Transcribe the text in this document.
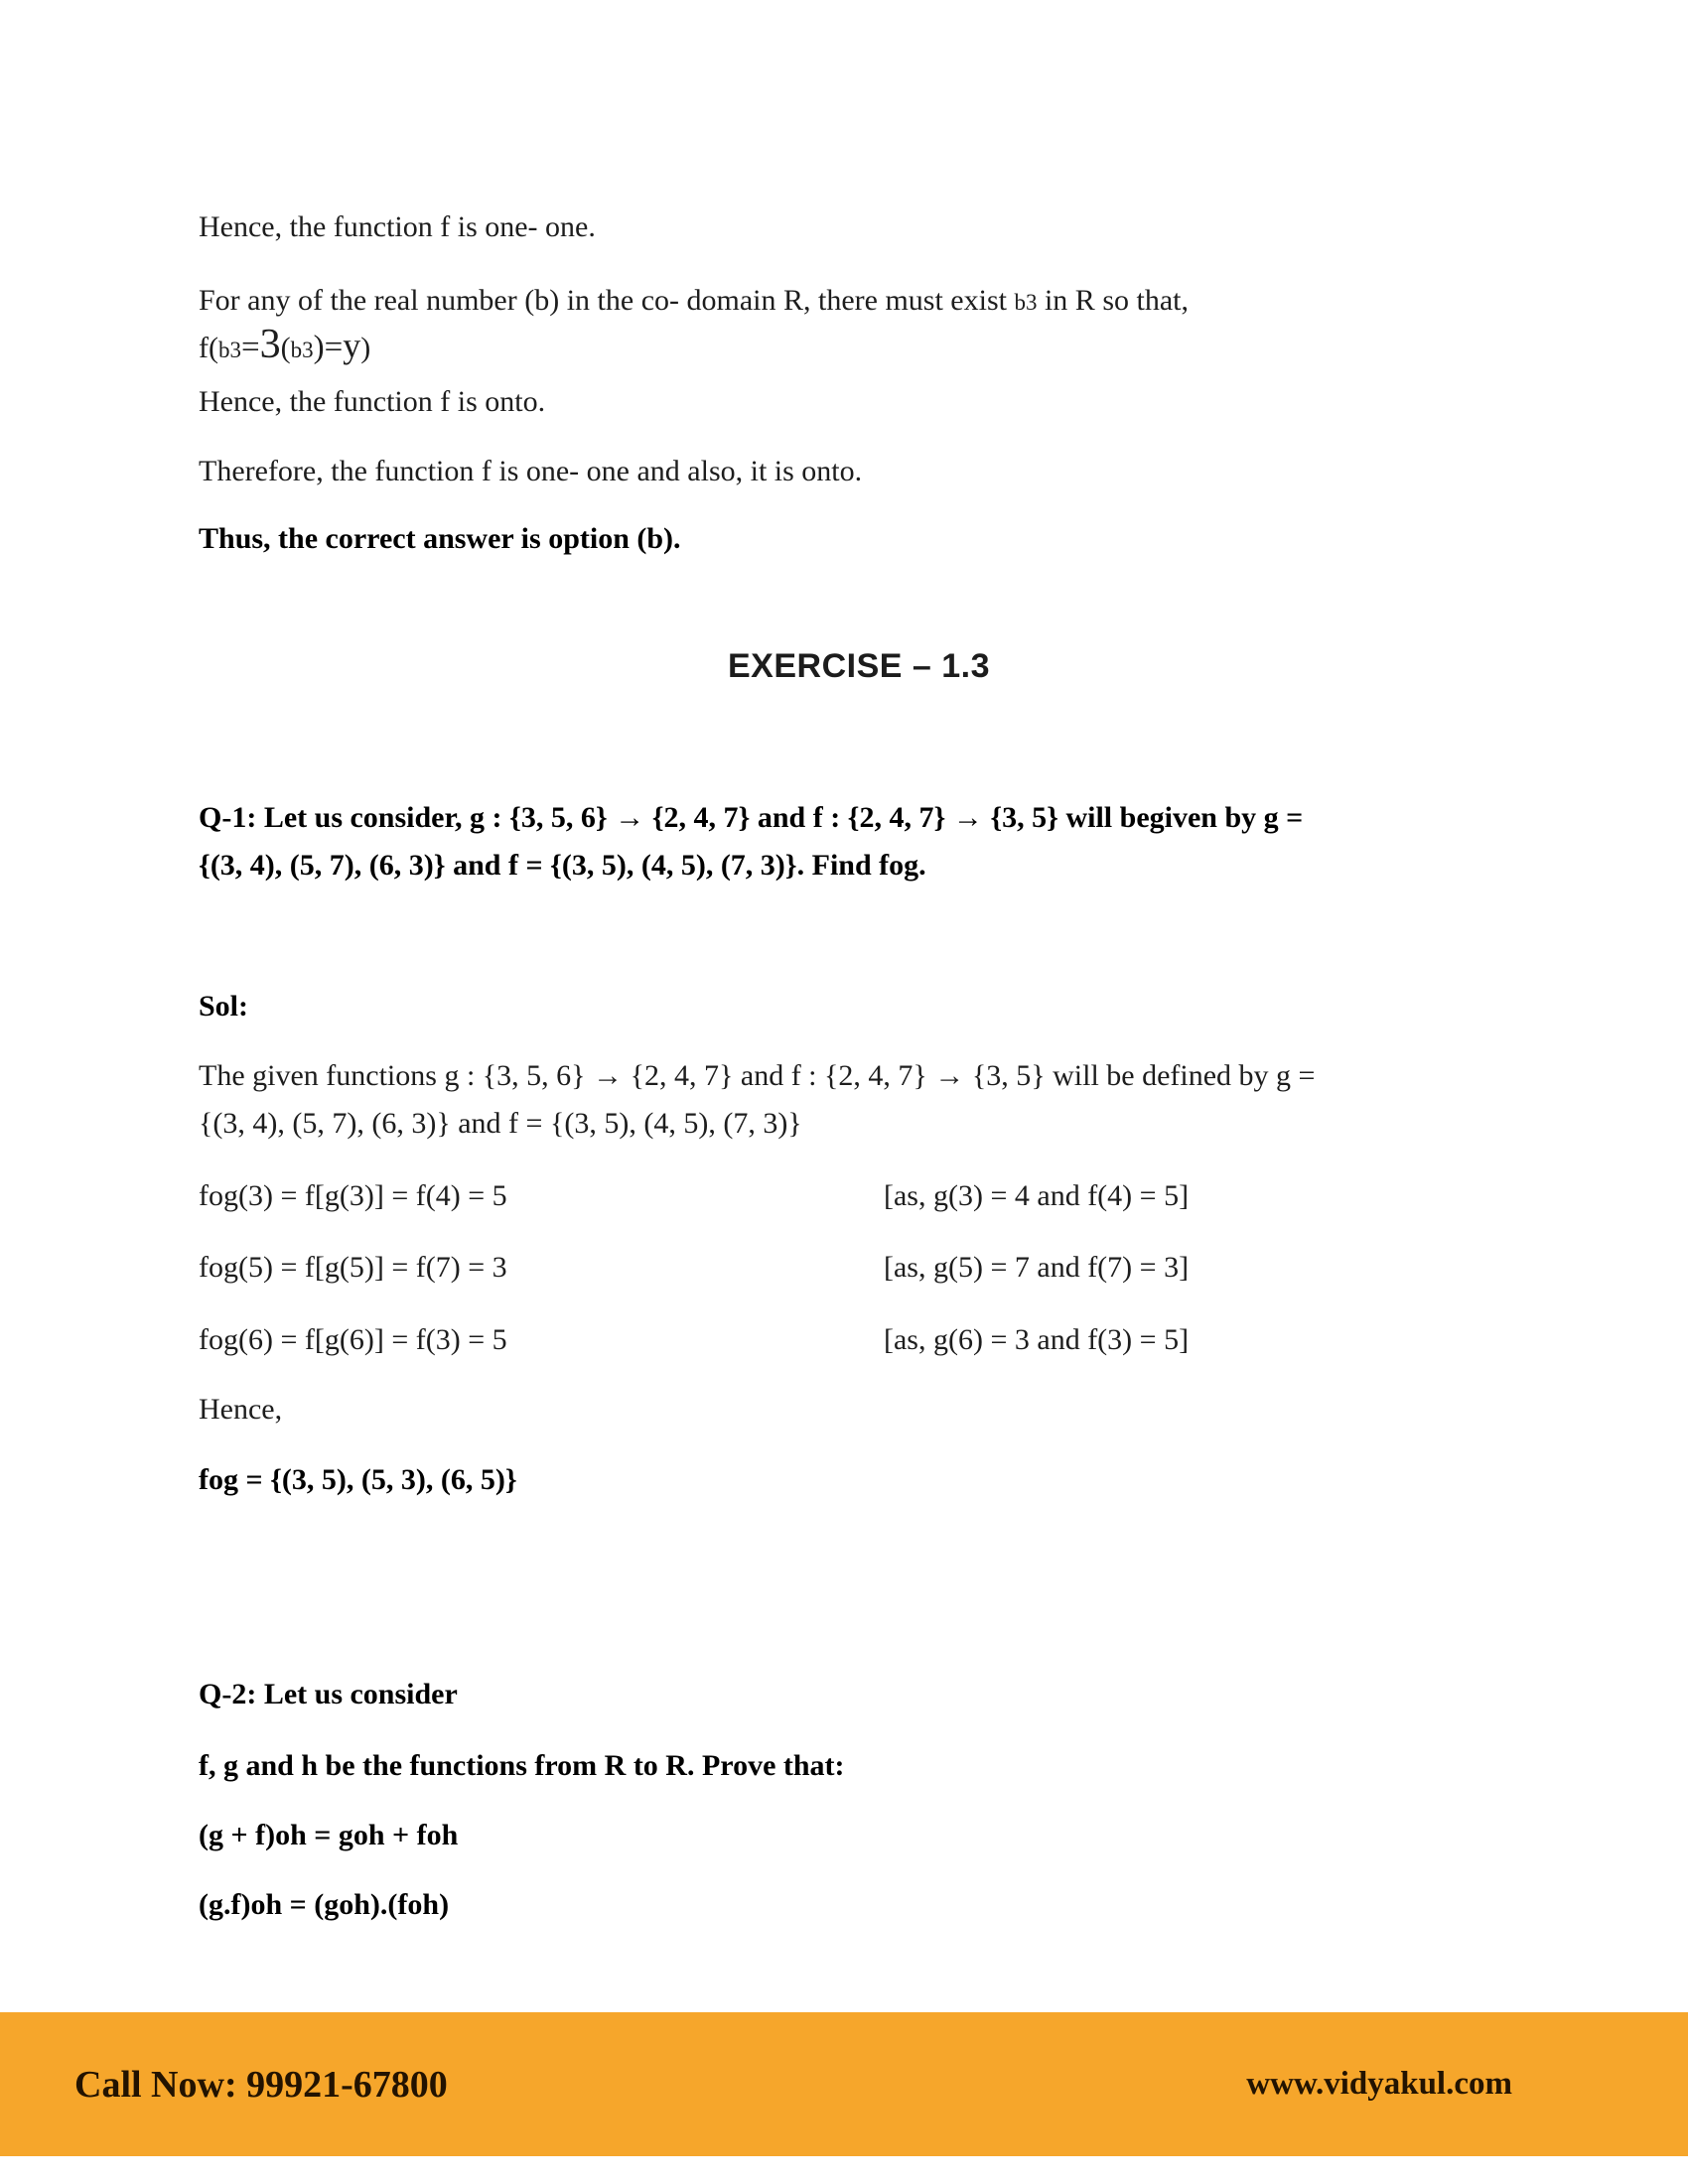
Hence, the function f is one- one.
For any of the real number (b) in the co- domain R, there must exist b3 in R so that,
f(b3=3(b3)=y)
Hence, the function f is onto.
Therefore, the function f is one- one and also, it is onto.
Thus, the correct answer is option (b).
EXERCISE – 1.3
Q-1: Let us consider, g : {3, 5, 6} → {2, 4, 7} and f : {2, 4, 7} → {3, 5} will begiven by g =
{(3, 4), (5, 7), (6, 3)} and f = {(3, 5), (4, 5), (7, 3)}. Find fog.
Sol:
The given functions g : {3, 5, 6} → {2, 4, 7} and f : {2, 4, 7} → {3, 5} will be defined by g =
{(3, 4), (5, 7), (6, 3)} and f = {(3, 5), (4, 5), (7, 3)}
fog(3) = f[g(3)] = f(4) = 5	[as, g(3) = 4 and f(4) = 5]
fog(5) = f[g(5)] = f(7) = 3	[as, g(5) = 7 and f(7) = 3]
fog(6) = f[g(6)] = f(3) = 5	[as, g(6) = 3 and f(3) = 5]
Hence,
fog = {(3, 5), (5, 3), (6, 5)}
Q-2: Let us consider
f, g and h be the functions from R to R. Prove that:
(g + f)oh = goh + foh
(g.f)oh = (goh).(foh)
Call Now: 99921-67800	www.vidyakul.com
